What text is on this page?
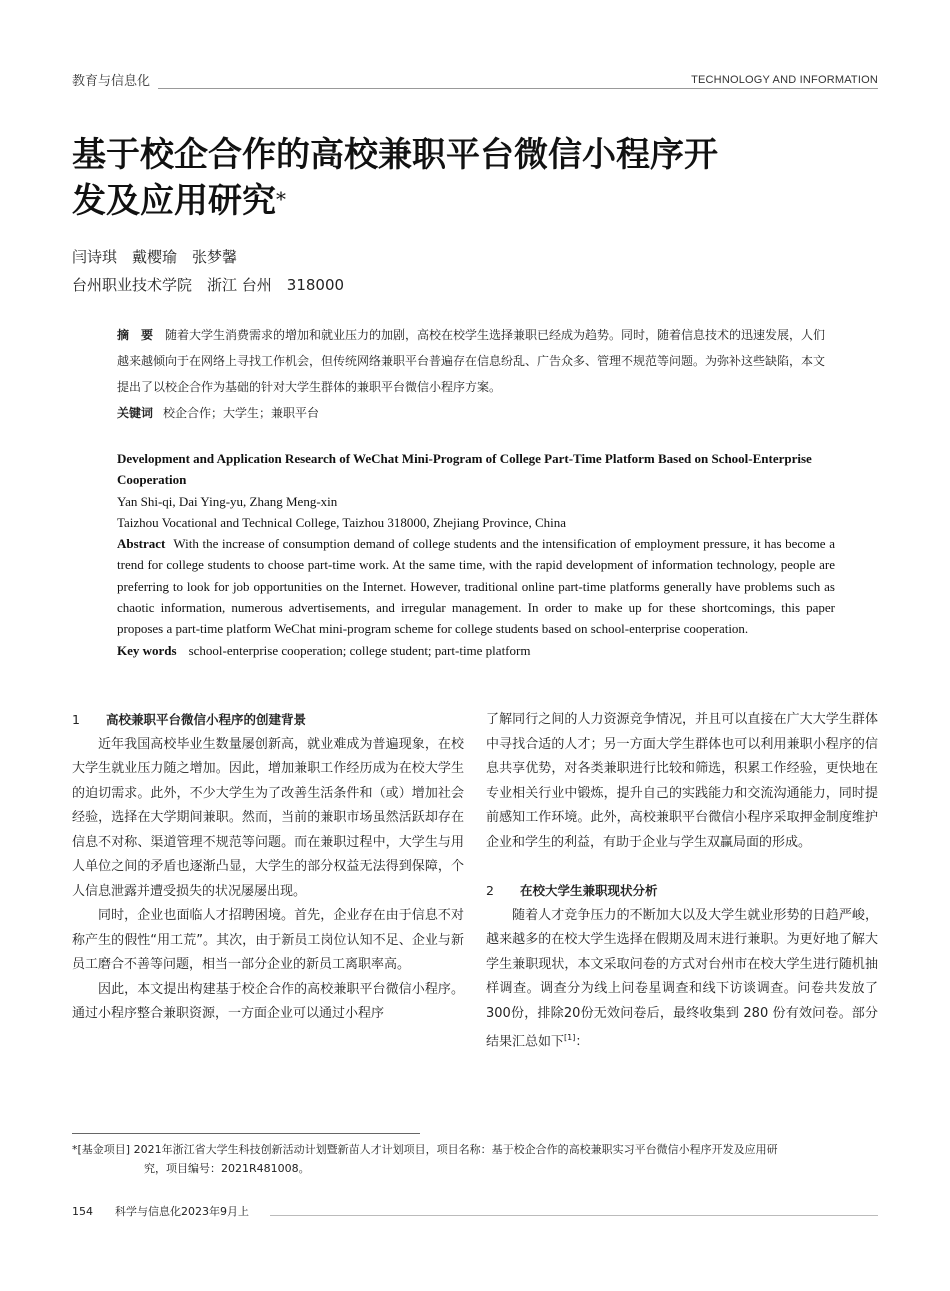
教育与信息化	TECHNOLOGY AND INFORMATION
基于校企合作的高校兼职平台微信小程序开
发及应用研究*
闫诗琪　戴樱瑜　张梦馨
台州职业技术学院　浙江 台州　318000
摘　要 随着大学生消费需求的增加和就业压力的加剧，高校在校学生选择兼职已经成为趋势。同时，随着信息技术的迅速发展，人们越来越倾向于在网络上寻找工作机会，但传统网络兼职平台普遍存在信息纷乱、广告众多、管理不规范等问题。为弥补这些缺陷，本文提出了以校企合作为基础的针对大学生群体的兼职平台微信小程序方案。
关键词 校企合作；大学生；兼职平台
Development and Application Research of WeChat Mini-Program of College Part-Time Platform Based on School-Enterprise Cooperation
Yan Shi-qi, Dai Ying-yu, Zhang Meng-xin
Taizhou Vocational and Technical College, Taizhou 318000, Zhejiang Province, China
Abstract With the increase of consumption demand of college students and the intensification of employment pressure, it has become a trend for college students to choose part-time work. At the same time, with the rapid development of information technology, people are preferring to look for job opportunities on the Internet. However, traditional online part-time platforms generally have problems such as chaotic information, numerous advertisements, and irregular management. In order to make up for these shortcomings, this paper proposes a part-time platform WeChat mini-program scheme for college students based on school-enterprise cooperation.
Key words school-enterprise cooperation; college student; part-time platform

1 高校兼职平台微信小程序的创建背景

近年我国高校毕业生数量屡创新高，就业难成为普遍现象，在校大学生就业压力随之增加。因此，增加兼职工作经历成为在校大学生的迫切需求。此外，不少大学生为了改善生活条件和（或）增加社会经验，选择在大学期间兼职。然而，当前的兼职市场虽然活跃却存在信息不对称、渠道管理不规范等问题。而在兼职过程中，大学生与用人单位之间的矛盾也逐渐凸显，大学生的部分权益无法得到保障，个人信息泄露并遭受损失的状况屡屡出现。

同时，企业也面临人才招聘困境。首先，企业存在由于信息不对称产生的假性“用工荒”。其次，由于新员工岗位认知不足、企业与新员工磨合不善等问题，相当一部分企业的新员工离职率高。

因此，本文提出构建基于校企合作的高校兼职平台微信小程序。通过小程序整合兼职资源，一方面企业可以通过小程序

了解同行之间的人力资源竞争情况，并且可以直接在广大大学生群体中寻找合适的人才；另一方面大学生群体也可以利用兼职小程序的信息共享优势，对各类兼职进行比较和筛选，积累工作经验，更快地在专业相关行业中锻炼，提升自己的实践能力和交流沟通能力，同时提前感知工作环境。此外，高校兼职平台微信小程序采取押金制度维护企业和学生的利益，有助于企业与学生双赢局面的形成。

2 在校大学生兼职现状分析

随着人才竞争压力的不断加大以及大学生就业形势的日趋严峻，越来越多的在校大学生选择在假期及周末进行兼职。为更好地了解大学生兼职现状，本文采取问卷的方式对台州市在校大学生进行随机抽样调查。调查分为线上问卷星调查和线下访谈调查。问卷共发放了300份，排除20份无效问卷后，最终收集到 280 份有效问卷。部分结果汇总如下[1]：

*[基金项目] 2021年浙江省大学生科技创新活动计划暨新苗人才计划项目，项目名称：基于校企合作的高校兼职实习平台微信小程序开发及应用研
究，项目编号：2021R481008。
154 科学与信息化2023年9月上
